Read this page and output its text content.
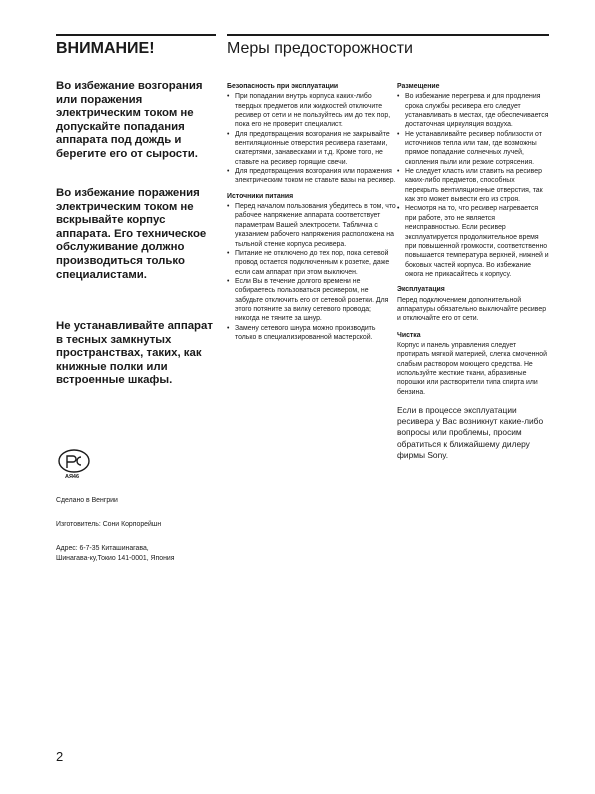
ВНИМАНИЕ!

Во избежание возгорания или поражения электрическим током не допускайте попадания аппарата под дождь и берегите его от сырости.

Во избежание поражения электрическим током не вскрывайте корпус аппарата. Его техническое обслуживание должно производиться только специалистами.

Не устанавливайте аппарат в тесных замкнутых пространствах, таких, как книжные полки или встроенные шкафы.

АЯ46

Сделано в Венгрии

Изготовитель: Сони Корпорейшн

Адрес: 6-7-35 Киташинагава,

Шинагава-ку,Токио 141-0001, Япония

Меры предосторожности

Безопасность при эксплуатации

• При попадании внутрь корпуса каких-либо твердых предметов или жидкостей отключите ресивер от сети и не пользуйтесь им до тех пор, пока его не проверит специалист.
• Для предотвращения возгорания не закрывайте вентиляционные отверстия ресивера газетами, скатертями, занавесками и т.д. Кроме того, не ставьте на ресивер горящие свечи.
• Для предотвращения возгорания или поражения электрическим током не ставьте вазы на ресивер.

Источники питания

• Перед началом пользования убедитесь в том, что рабочее напряжение аппарата соответствует параметрам Вашей электросети. Табличка с указанием рабочего напряжения расположена на тыльной стенке корпуса ресивера.
• Питание не отключено до тех пор, пока сетевой провод остается подключенным к розетке, даже если сам аппарат при этом выключен.
• Если Вы в течение долгого времени не собираетесь пользоваться ресивером, не забудьте отключить его от сетевой розетки. Для этого потяните за вилку сетевого провода; никогда не тяните за шнур.
• Замену сетевого шнура можно производить только в специализированной мастерской.

Размещение

• Во избежание перегрева и для продления срока службы ресивера его следует устанавливать в местах, где обеспечивается достаточная циркуляция воздуха.
• Не устанавливайте ресивер поблизости от источников тепла или там, где возможны прямое попадание солнечных лучей, скопления пыли или резкие сотрясения.
• Не следует класть или ставить на ресивер каких-либо предметов, способных перекрыть вентиляционные отверстия, так как это может вывести его из строя.
• Несмотря на то, что ресивер нагревается при работе, это не является неисправностью. Если ресивер эксплуатируется продолжительное время при повышенной громкости, соответственно повышается температура верхней, нижней и боковых частей корпуса. Во избежание ожога не прикасайтесь к корпусу.

Эксплуатация

Перед подключением дополнительной аппаратуры обязательно выключайте ресивер и отключайте его от сети.

Чистка

Корпус и панель управления следует протирать мягкой материей, слегка смоченной слабым раствором моющего средства. Не используйте жесткие ткани, абразивные порошки или растворители типа спирта или бензина.

Если в процессе эксплуатации ресивера у Вас возникнут какие-либо вопросы или проблемы, просим обратиться к ближайшему дилеру фирмы Sony.

2
